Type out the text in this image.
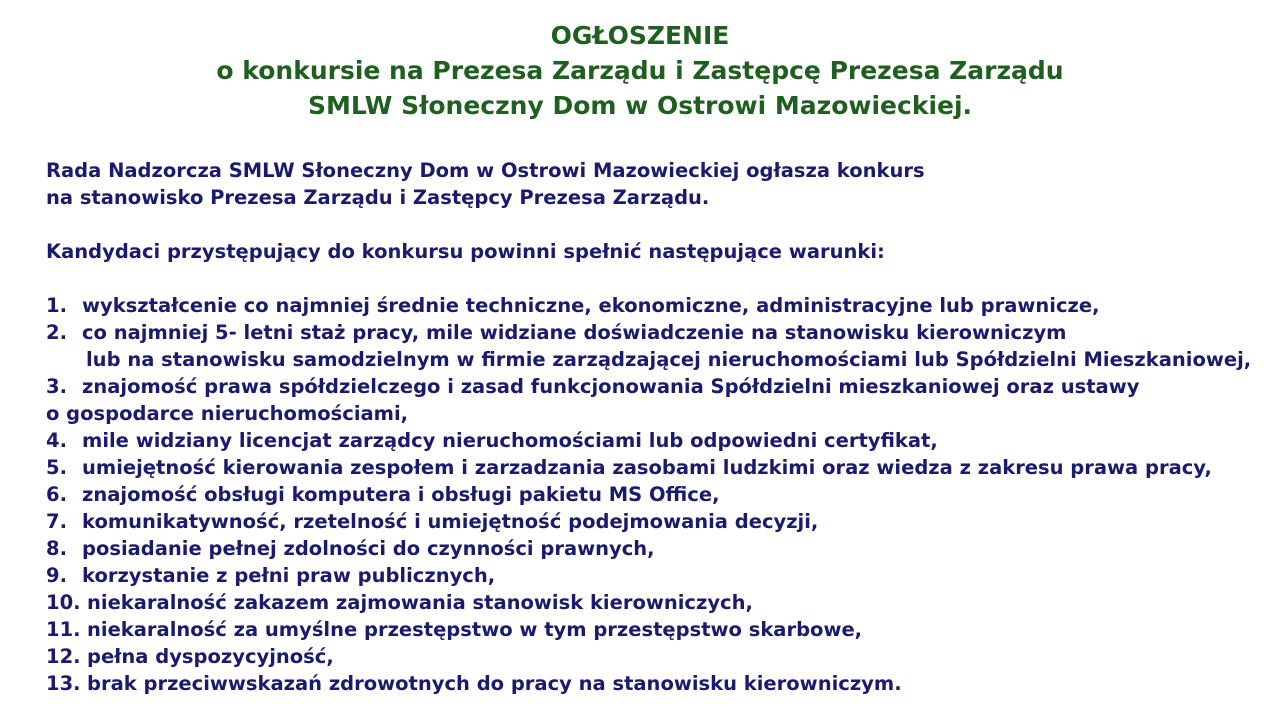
OGŁOSZENIE
o konkursie na Prezesa Zarządu i Zastępcę Prezesa Zarządu
SMLW Słoneczny Dom w Ostrowi Mazowieckiej.
Rada Nadzorcza SMLW Słoneczny Dom w Ostrowi Mazowieckiej ogłasza konkurs
na stanowisko Prezesa Zarządu i Zastępcy Prezesa Zarządu.
Kandydaci przystępujący do konkursu powinni spełnić następujące warunki:
1. wykształcenie co najmniej średnie techniczne, ekonomiczne, administracyjne lub prawnicze,
2. co najmniej 5- letni staż pracy, mile widziane doświadczenie na stanowisku kierowniczym
lub na stanowisku samodzielnym w firmie zarządzającej nieruchomościami lub Spółdzielni Mieszkaniowej,
3. znajomość prawa spółdzielczego i zasad funkcjonowania Spółdzielni mieszkaniowej oraz ustawy
o gospodarce nieruchomościami,
4. mile widziany licencjat zarządcy nieruchomościami lub odpowiedni certyfikat,
5. umiejętność kierowania zespołem i zarzadzania zasobami ludzkimi oraz wiedza z zakresu prawa pracy,
6. znajomość obsługi komputera i obsługi pakietu MS Office,
7. komunikatywność, rzetelność i umiejętność podejmowania decyzji,
8. posiadanie pełnej zdolności do czynności prawnych,
9. korzystanie z pełni praw publicznych,
10. niekaralność zakazem zajmowania stanowisk kierowniczych,
11. niekaralność za umyślne przestępstwo w tym przestępstwo skarbowe,
12. pełna dyspozycyjność,
13. brak przeciwwskazań zdrowotnych do pracy na stanowisku kierowniczym.
